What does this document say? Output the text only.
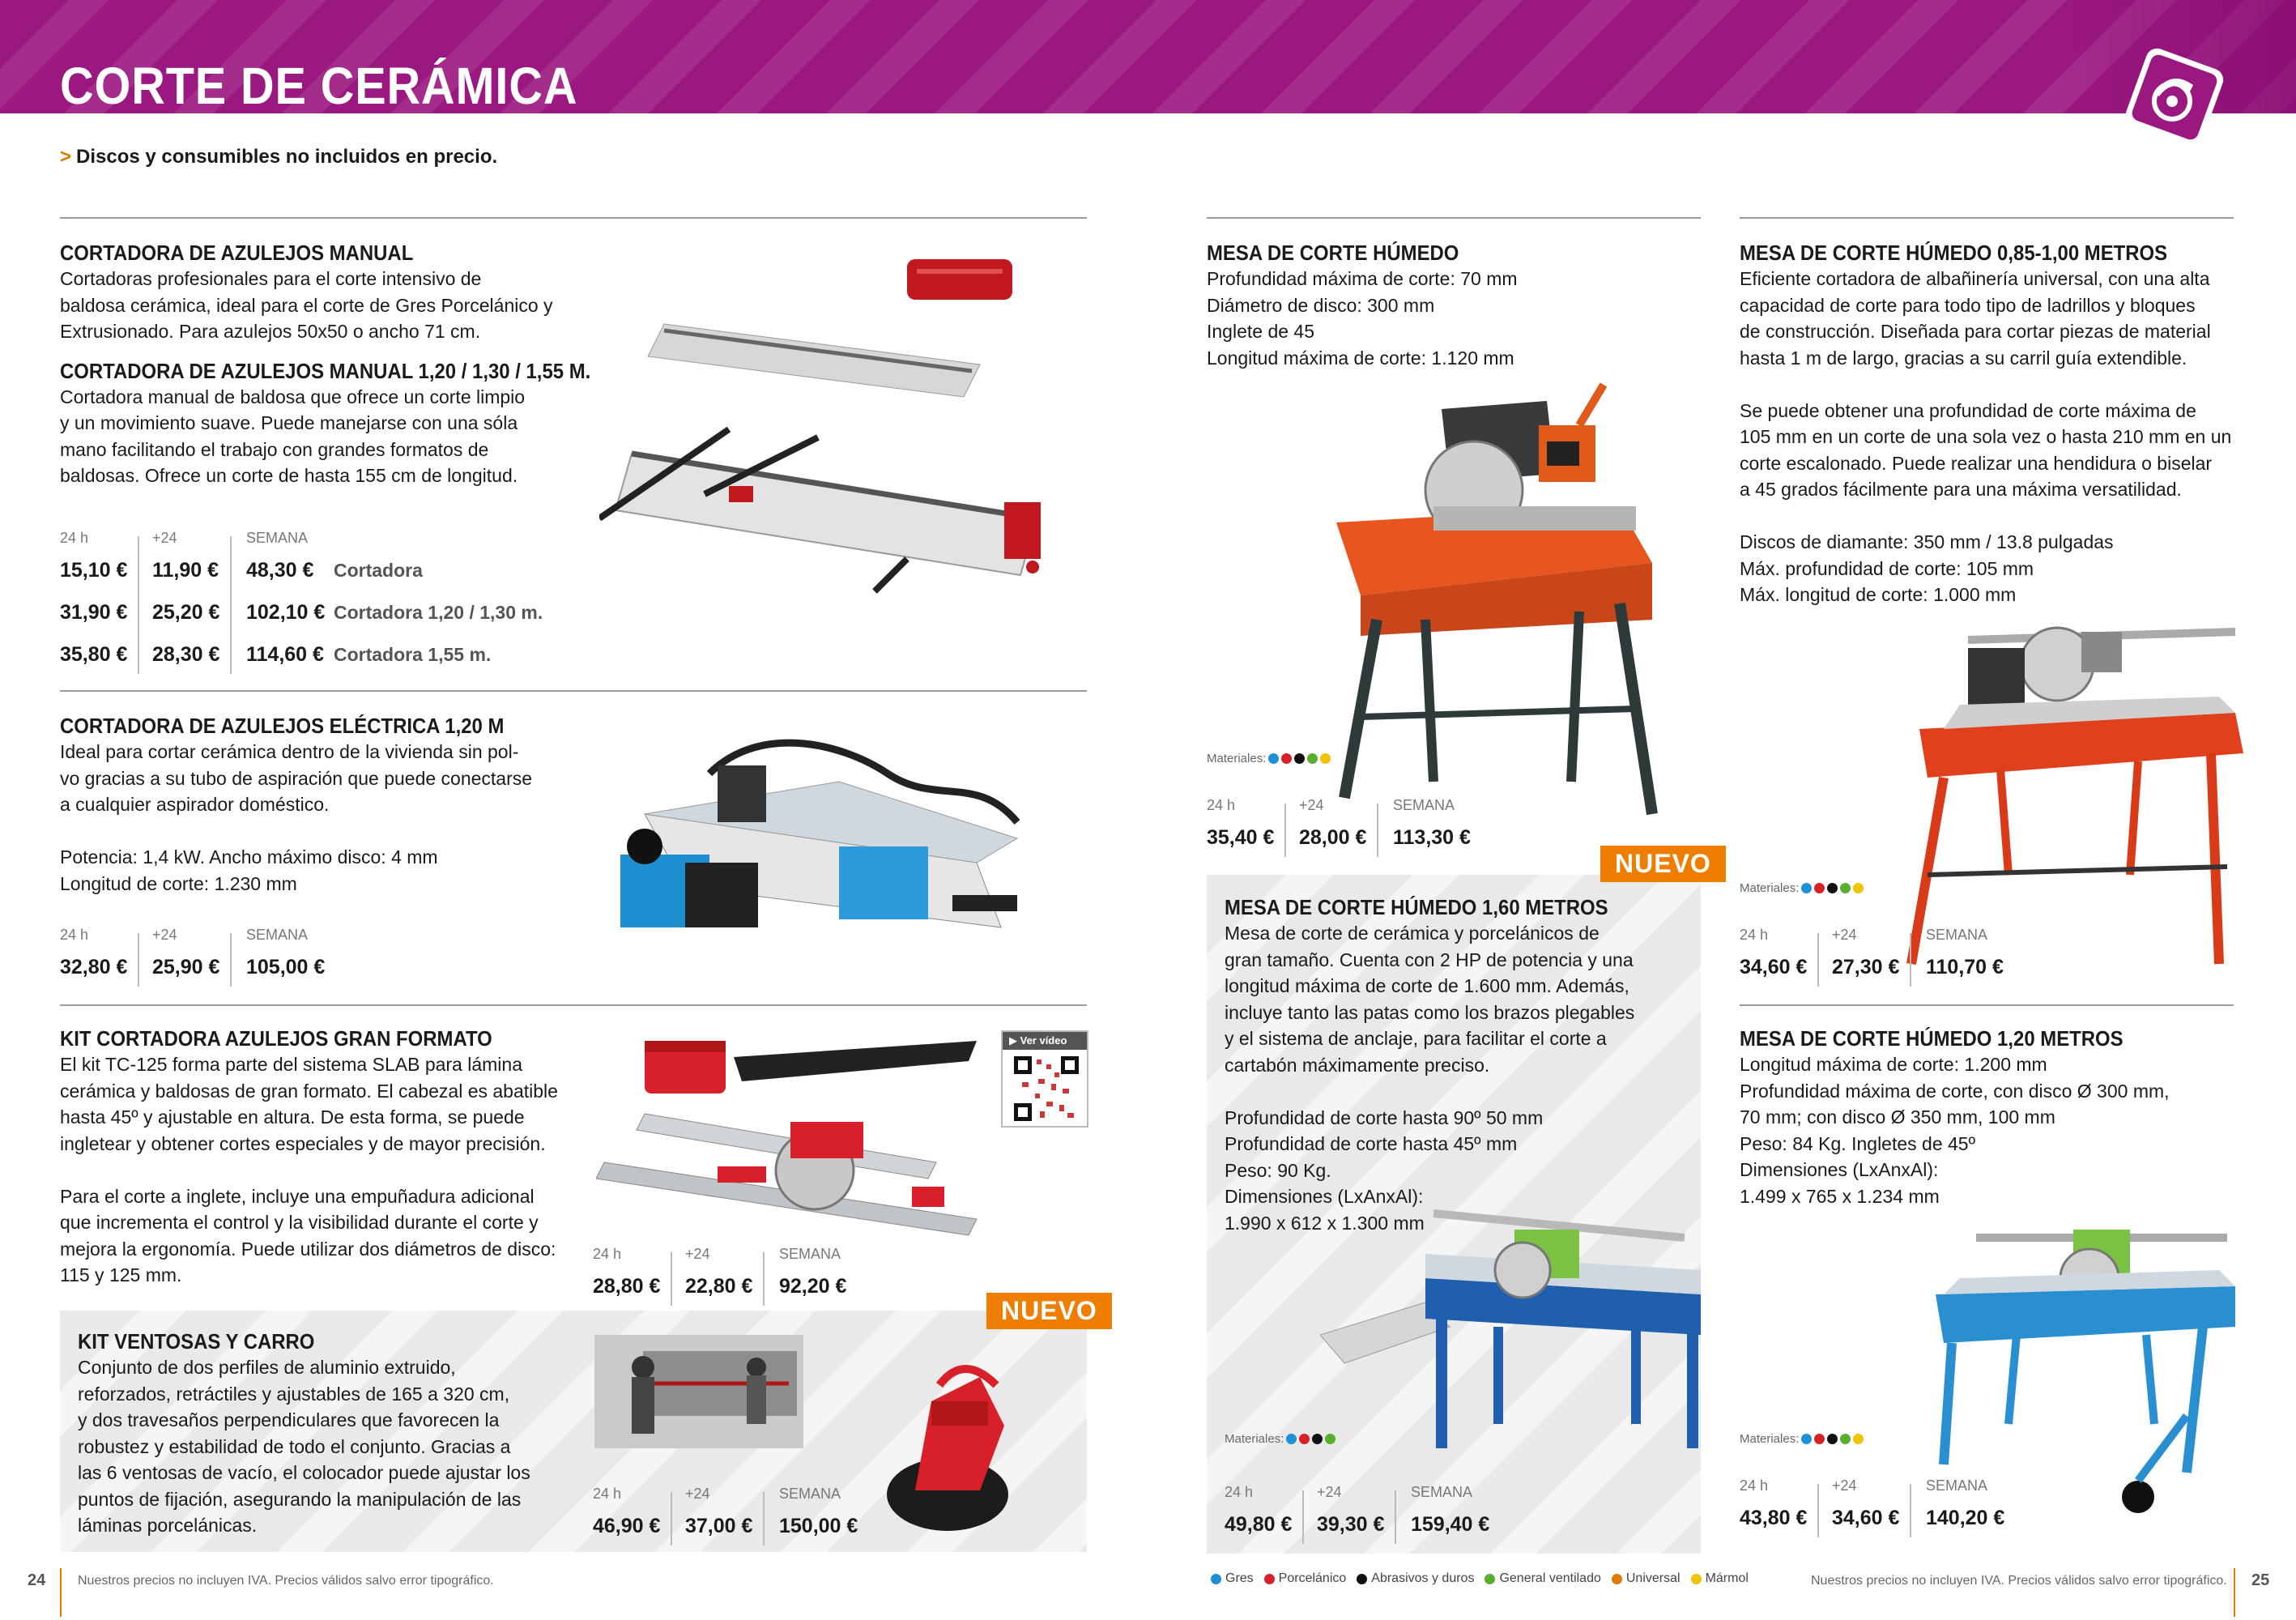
CORTE DE CERÁMICA
> Discos y consumibles no incluidos en precio.
CORTADORA DE AZULEJOS MANUAL
Cortadoras profesionales para el corte intensivo de
baldosa cerámica, ideal para el corte de Gres Porcelánico y
Extrusionado. Para azulejos 50x50 o ancho 71 cm.
CORTADORA DE AZULEJOS MANUAL 1,20 / 1,30 / 1,55 M.
Cortadora manual de baldosa que ofrece un corte limpio
y un movimiento suave. Puede manejarse con una sóla
mano facilitando el trabajo con grandes formatos de
baldosas. Ofrece un corte de hasta 155 cm de longitud.
24 h
15,10 €
31,90 €
35,80 €
+24
11,90 €
25,20 €
28,30 €
SEMANA
48,30 €
102,10 €
114,60 €
Cortadora
Cortadora 1,20 / 1,30 m.
Cortadora 1,55 m.
CORTADORA DE AZULEJOS ELÉCTRICA 1,20 M
Ideal para cortar cerámica dentro de la vivienda sin pol-
vo gracias a su tubo de aspiración que puede conectarse
a cualquier aspirador doméstico.

Potencia: 1,4 kW. Ancho máximo disco: 4 mm
Longitud de corte: 1.230 mm
24 h
32,80 €
+24
25,90 €
SEMANA
105,00 €
KIT CORTADORA AZULEJOS GRAN FORMATO
El kit TC-125 forma parte del sistema SLAB para lámina
cerámica y baldosas de gran formato. El cabezal es abatible
hasta 45º y ajustable en altura. De esta forma, se puede
ingletear y obtener cortes especiales y de mayor precisión.

Para el corte a inglete, incluye una empuñadura adicional
que incrementa el control y la visibilidad durante el corte y
mejora la ergonomía. Puede utilizar dos diámetros de disco:
115 y 125 mm.
▶ Ver vídeo
24 h
28,80 €
+24
22,80 €
SEMANA
92,20 €
NUEVO
KIT VENTOSAS Y CARRO
Conjunto de dos perfiles de aluminio extruido,
reforzados, retráctiles y ajustables de 165 a 320 cm,
y dos travesaños perpendiculares que favorecen la
robustez y estabilidad de todo el conjunto. Gracias a
las 6 ventosas de vacío, el colocador puede ajustar los
puntos de fijación, asegurando la manipulación de las
láminas porcelánicas.
24 h
46,90 €
+24
37,00 €
SEMANA
150,00 €
MESA DE CORTE HÚMEDO
Profundidad máxima de corte: 70 mm
Diámetro de disco: 300 mm
Inglete de 45
Longitud máxima de corte: 1.120 mm
Materiales:
24 h
35,40 €
+24
28,00 €
SEMANA
113,30 €
NUEVO
MESA DE CORTE HÚMEDO 1,60 METROS
Mesa de corte de cerámica y porcelánicos de
gran tamaño. Cuenta con 2 HP de potencia y una
longitud máxima de corte de 1.600 mm. Además,
incluye tanto las patas como los brazos plegables
y el sistema de anclaje, para facilitar el corte a
cartabón máximamente preciso.

Profundidad de corte hasta 90º 50 mm
Profundidad de corte hasta 45º mm
Peso: 90 Kg.
Dimensiones (LxAnxAl):
1.990 x 612 x 1.300 mm
Materiales:
24 h
49,80 €
+24
39,30 €
SEMANA
159,40 €
MESA DE CORTE HÚMEDO 0,85-1,00 METROS
Eficiente cortadora de albañinería universal, con una alta
capacidad de corte para todo tipo de ladrillos y bloques
de construcción. Diseñada para cortar piezas de material
hasta 1 m de largo, gracias a su carril guía extendible.

Se puede obtener una profundidad de corte máxima de
105 mm en un corte de una sola vez o hasta 210 mm en un
corte escalonado. Puede realizar una hendidura o biselar
a 45 grados fácilmente para una máxima versatilidad.

Discos de diamante: 350 mm / 13.8 pulgadas
Máx. profundidad de corte: 105 mm
Máx. longitud de corte: 1.000 mm
Materiales:
24 h
34,60 €
+24
27,30 €
SEMANA
110,70 €
MESA DE CORTE HÚMEDO 1,20 METROS
Longitud máxima de corte: 1.200 mm
Profundidad máxima de corte, con disco Ø 300 mm,
70 mm; con disco Ø 350 mm, 100 mm
Peso: 84 Kg. Ingletes de 45º
Dimensiones (LxAnxAl):
1.499 x 765 x 1.234 mm
Materiales:
24 h
43,80 €
+24
34,60 €
SEMANA
140,20 €
24 Nuestros precios no incluyen IVA. Precios válidos salvo error tipográfico.	Gres Porcelánico Abrasivos y duros General ventilado Universal Mármol	Nuestros precios no incluyen IVA. Precios válidos salvo error tipográfico. 25
